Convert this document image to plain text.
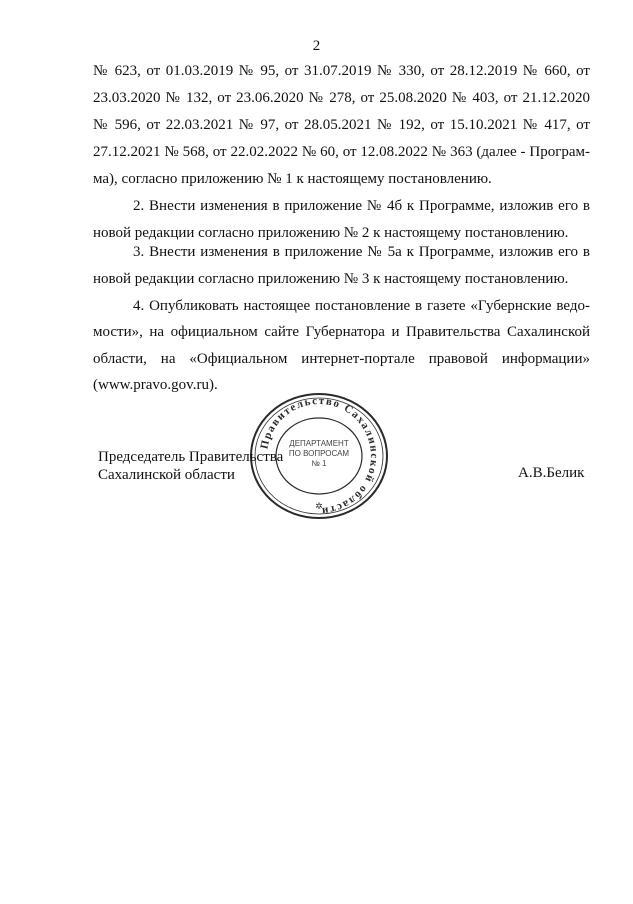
2
№ 623, от 01.03.2019 № 95, от 31.07.2019 № 330, от 28.12.2019 № 660, от
23.03.2020 № 132, от 23.06.2020 № 278, от 25.08.2020 № 403, от 21.12.2020
№ 596, от 22.03.2021 № 97, от 28.05.2021 № 192, от 15.10.2021 № 417, от
27.12.2021 № 568, от 22.02.2022 № 60, от 12.08.2022 № 363 (далее - Програм-
ма), согласно приложению № 1 к настоящему постановлению.
2. Внести изменения в приложение № 4б к Программе, изложив его в
новой редакции согласно приложению № 2 к настоящему постановлению.
3. Внести изменения в приложение № 5а к Программе, изложив его в
новой редакции согласно приложению № 3 к настоящему постановлению.
4. Опубликовать настоящее постановление в газете «Губернские ведо-
мости», на официальном сайте Губернатора и Правительства Сахалинской
области, на «Официальном интернет-портале правовой информации»
(www.pravo.gov.ru).
Правительство Сахалинской области
ДЕПАРТАМЕНТ
ПО ВОПРОСАМ
№ 1
✲
Председатель Правительства
Сахалинской области	А.В.Белик
